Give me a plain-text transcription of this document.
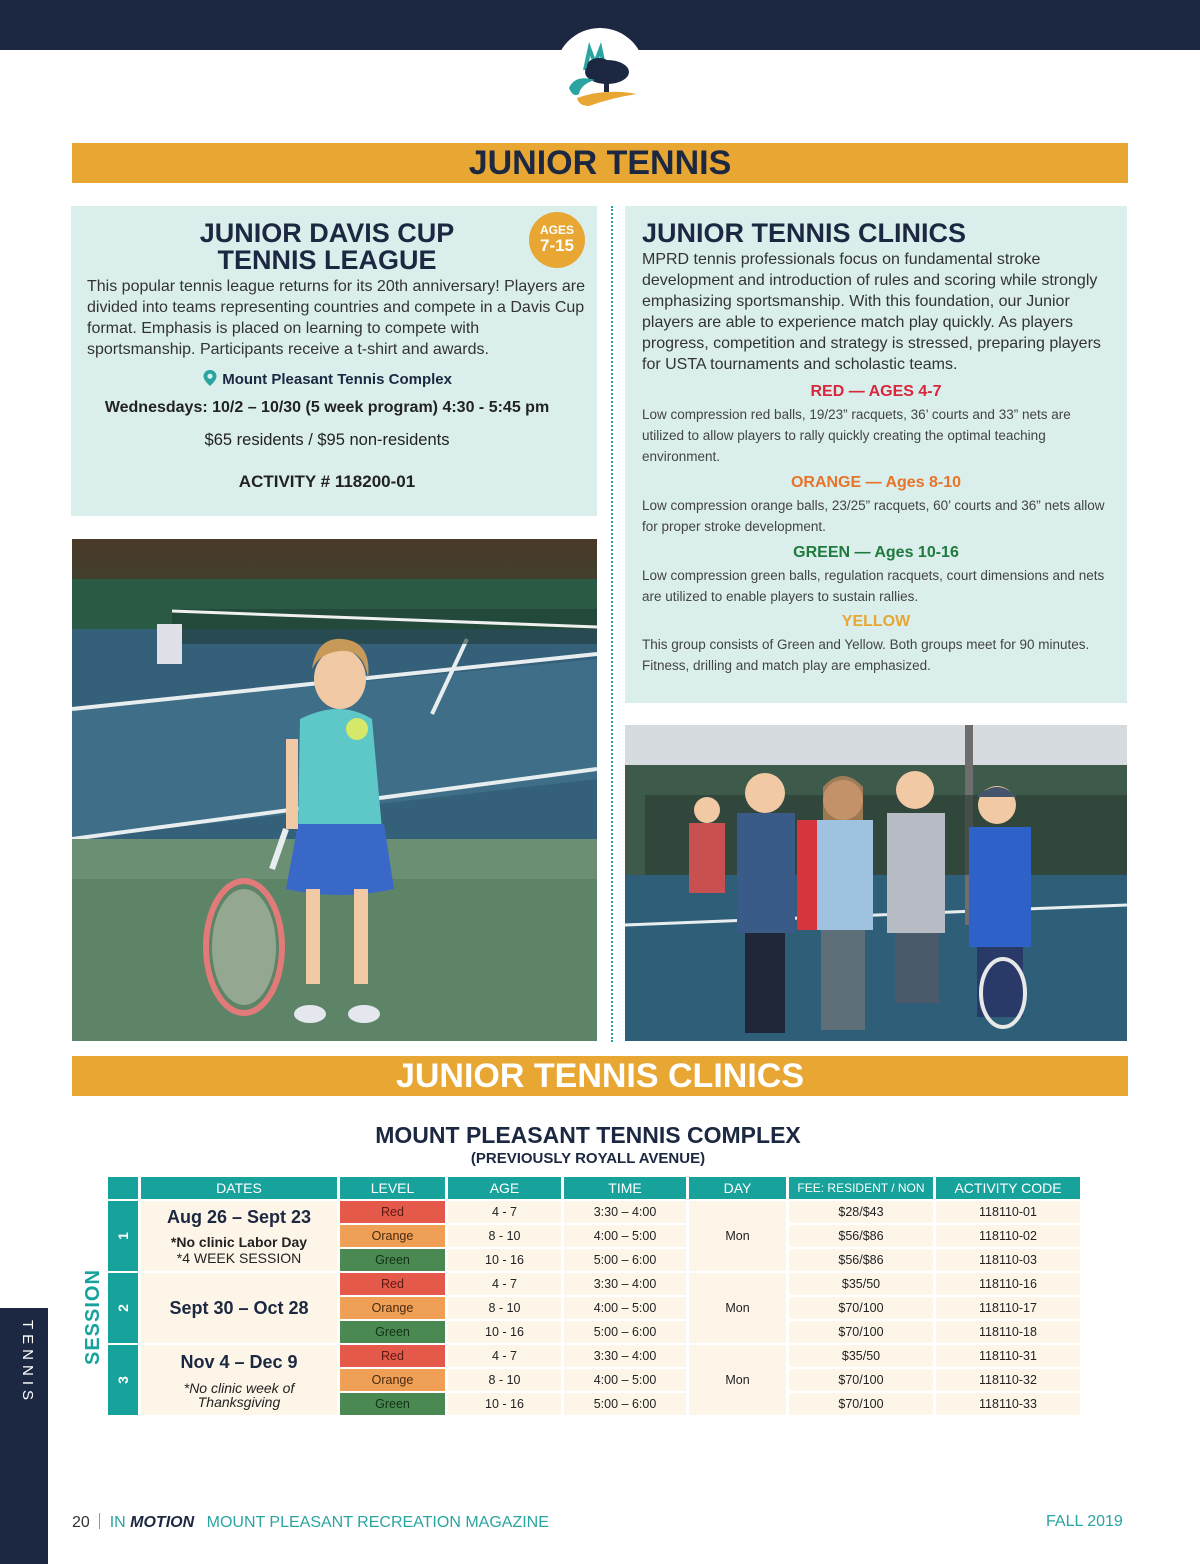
TENNIS
JUNIOR TENNIS
JUNIOR DAVIS CUP
TENNIS LEAGUE
This popular tennis league returns for its 20th anniversary! Players are divided into teams representing countries and compete in a Davis Cup format. Emphasis is placed on learning to compete with sportsmanship. Participants receive a t-shirt and awards.
Mount Pleasant Tennis Complex
Wednesdays: 10/2 – 10/30 (5 week program) 4:30 - 5:45 pm
$65 residents / $95 non-residents
ACTIVITY # 118200-01
AGES
7-15	JUNIOR TENNIS CLINICS
MPRD tennis professionals focus on fundamental stroke development and introduction of rules and scoring while strongly emphasizing sportsmanship. With this foundation, our Junior players are able to experience match play quickly. As players progress, competition and strategy is stressed, preparing players for USTA tournaments and scholastic teams.
RED — AGES 4-7
Low compression red balls, 19/23” racquets, 36’ courts and 33” nets are utilized to allow players to rally quickly creating the optimal teaching environment.
ORANGE — Ages 8-10
Low compression orange balls, 23/25” racquets, 60’ courts and 36” nets allow for proper stroke development.
GREEN — Ages 10-16
Low compression green balls, regulation racquets, court dimensions and nets are utilized to enable players to sustain rallies.
YELLOW
This group consists of Green and Yellow. Both groups meet for 90 minutes. Fitness, drilling and match play are emphasized.
JUNIOR TENNIS CLINICS
MOUNT PLEASANT TENNIS COMPLEX
(PREVIOUSLY ROYALL AVENUE)
SESSION
	DATES	LEVEL	AGE	TIME	DAY	FEE: RESIDENT / NON	ACTIVITY CODE
1	Aug 26 – Sept 23
*No clinic Labor Day
*4 WEEK SESSION	Red	4 - 7	3:30 – 4:00	Mon	$28/$43	118110-01
		Orange	8 - 10	4:00 – 5:00		$56/$86	118110-02
		Green	10 - 16	5:00 – 6:00		$56/$86	118110-03
2	Sept 30 – Oct 28	Red	4 - 7	3:30 – 4:00	Mon	$35/50	118110-16
		Orange	8 - 10	4:00 – 5:00		$70/100	118110-17
		Green	10 - 16	5:00 – 6:00		$70/100	118110-18
3	Nov 4 – Dec 9
*No clinic week of
Thanksgiving	Red	4 - 7	3:30 – 4:00	Mon	$35/50	118110-31
		Orange	8 - 10	4:00 – 5:00		$70/100	118110-32
		Green	10 - 16	5:00 – 6:00		$70/100	118110-33
20 IN MOTION MOUNT PLEASANT RECREATION MAGAZINE	FALL 2019
